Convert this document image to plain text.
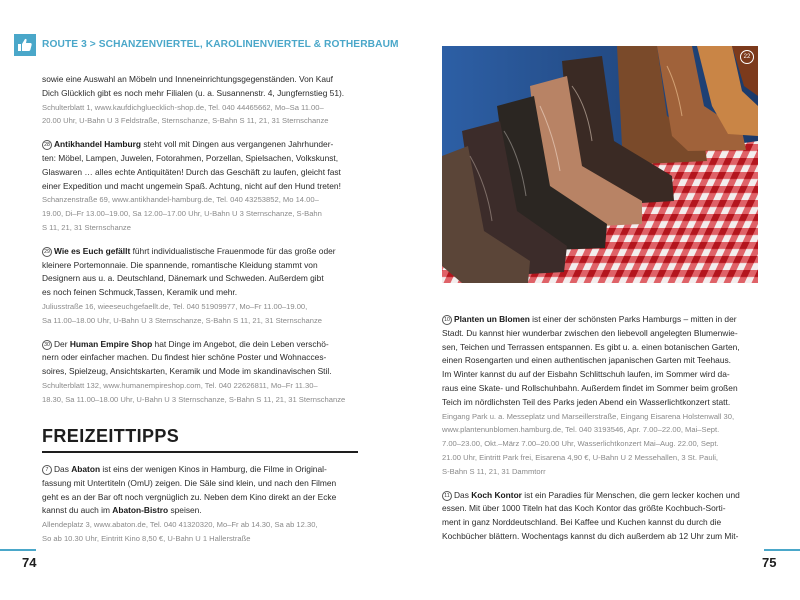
ROUTE 3 > SCHANZENVIERTEL, KAROLINENVIERTEL & ROTHERBAUM

sowie eine Auswahl an Möbeln und Inneneinrichtungsgegenständen. Von Kauf

Dich Glücklich gibt es noch mehr Filialen (u. a. Susannenstr. 4, Jungfernstieg 51).

Schulterblatt 1, www.kaufdichgluecklich-shop.de, Tel. 040 44465662, Mo–Sa 11.00–

20.00 Uhr, U-Bahn U 3 Feldstraße, Sternschanze, S-Bahn S 11, 21, 31 Sternschanze

28 Antikhandel Hamburg steht voll mit Dingen aus vergangenen Jahrhunder-

ten: Möbel, Lampen, Juwelen, Fotorahmen, Porzellan, Spielsachen, Volkskunst,

Glaswaren … alles echte Antiquitäten! Durch das Geschäft zu laufen, gleicht fast

einer Expedition und macht ungemein Spaß. Achtung, nicht auf den Hund treten!

Schanzenstraße 69, www.antikhandel-hamburg.de, Tel. 040 43253852, Mo 14.00–

19.00, Di–Fr 13.00–19.00, Sa 12.00–17.00 Uhr, U-Bahn U 3 Sternschanze, S-Bahn

S 11, 21, 31 Sternschanze

29 Wie es Euch gefällt führt individualistische Frauenmode für das große oder

kleinere Portemonnaie. Die spannende, romantische Kleidung stammt von

Designern aus u. a. Deutschland, Dänemark und Schweden. Außerdem gibt

es noch feinen Schmuck,Tassen, Keramik und mehr.

Juliusstraße 16, wieeseuchgefaellt.de, Tel. 040 51909977, Mo–Fr 11.00–19.00,

Sa 11.00–18.00 Uhr, U-Bahn U 3 Sternschanze, S-Bahn S 11, 21, 31 Sternschanze

30 Der Human Empire Shop hat Dinge im Angebot, die dein Leben verschö-

nern oder einfacher machen. Du findest hier schöne Poster und Wohnacces-

soires, Spielzeug, Ansichtskarten, Keramik und Mode im skandinavischen Stil.

Schulterblatt 132, www.humanempireshop.com, Tel. 040 22626811, Mo–Fr 11.30–

18.30, Sa 11.00–18.00 Uhr, U-Bahn U 3 Sternschanze, S-Bahn S 11, 21, 31 Sternschanze

FREIZEITTIPPS

7 Das Abaton ist eins der wenigen Kinos in Hamburg, die Filme in Original-

fassung mit Untertiteln (OmU) zeigen. Die Säle sind klein, und nach den Filmen

geht es an der Bar oft noch vergnüglich zu. Neben dem Kino direkt an der Ecke

kannst du auch im Abaton-Bistro speisen.

Allendeplatz 3, www.abaton.de, Tel. 040 41320320, Mo–Fr ab 14.30, Sa ab 12.30,

So ab 10.30 Uhr, Eintritt Kino 8,50 €, U-Bahn U 1 Hallerstraße

22

10 Planten un Blomen ist einer der schönsten Parks Hamburgs – mitten in der

Stadt. Du kannst hier wunderbar zwischen den liebevoll angelegten Blumenwie-

sen, Teichen und Terrassen entspannen. Es gibt u. a. einen botanischen Garten,

einen Rosengarten und einen authentischen japanischen Garten mit Teehaus.

Im Winter kannst du auf der Eisbahn Schlittschuh laufen, im Sommer wird da-

raus eine Skate- und Rollschuhbahn. Außerdem findet im Sommer beim großen

Teich im nördlichsten Teil des Parks jeden Abend ein Wasserlichtkonzert statt.

Eingang Park u. a. Messeplatz und Marseillerstraße, Eingang Eisarena Holstenwall 30,

www.plantenunblomen.hamburg.de, Tel. 040 3193546, Apr. 7.00–22.00, Mai–Sept.

7.00–23.00, Okt.–März 7.00–20.00 Uhr, Wasserlichtkonzert Mai–Aug. 22.00, Sept.

21.00 Uhr, Eintritt Park frei, Eisarena 4,90 €, U-Bahn U 2 Messehallen, 3 St. Pauli,

S-Bahn S 11, 21, 31 Dammtorr

11 Das Koch Kontor ist ein Paradies für Menschen, die gern lecker kochen und

essen. Mit über 1000 Titeln hat das Koch Kontor das größte Kochbuch-Sorti-

ment in ganz Norddeutschland. Bei Kaffee und Kuchen kannst du durch die

Kochbücher blättern. Wochentags kannst du dich außerdem ab 12 Uhr zum Mit-

74	75
